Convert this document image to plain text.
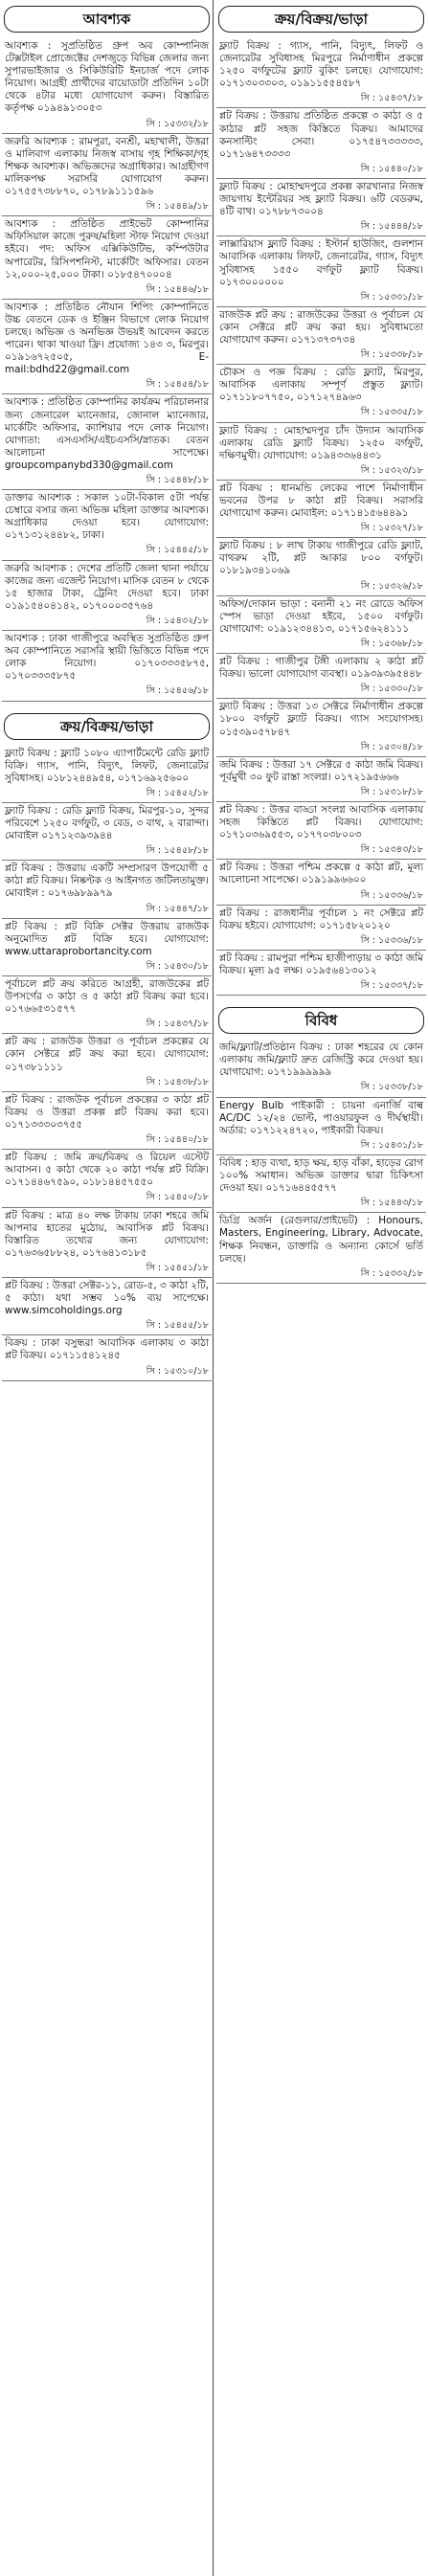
আবশ্যক
আবশ্যক : সুপ্রতিষ্ঠিত গ্রুপ অব কোম্পানিজ টেক্সটাইল প্রোজেক্টের দেশজুড়ে বিভিন্ন জেলার জন্য সুপারভাইজার ও সিকিউরিটি ইনচার্জ পদে লোক নিয়োগ। আগ্রহী প্রার্থীদের বায়োডাটা প্রতিদিন ১০টা থেকে ৪টার মধ্যে যোগাযোগ করুন। বিস্তারিত কর্তৃপক্ষ ০১৯৪৯১৩০৫৩
সি : ১৫৩৩২/১৮
জরুরি আবশ্যক : রামপুরা, বনশ্রী, মহাখালী, উত্তরা ও মালিবাগ এলাকায় নিজস্ব বাসায় গৃহ শিক্ষিকা/গৃহ শিক্ষক আবশ্যক। অভিজ্ঞদের অগ্রাধিকার। আগ্রহীগণ মালিকপক্ষ সরাসরি যোগাযোগ করুন। ০১৭৫৫৭৩৮৮৭০, ০১৭৮৯১১১৫৯৬
সি : ১৫৪৪৯/১৮
আবশ্যক : প্রতিষ্ঠিত প্রাইভেট কোম্পানির অফিসিয়াল কাজে পুরুষ/মহিলা স্টাফ নিয়োগ দেওয়া হইবে। পদ: অফিস এক্সিকিউটিভ, কম্পিউটার অপারেটর, রিসিপশনিস্ট, মার্কেটিং অফিসার। বেতন ১২,০০০-২৫,০০০ টাকা। ০১৮৫৪৭০০০৪
সি : ১৫৪৪৬/১৮
আবশ্যক : প্রতিষ্ঠিত নৌযান শিপিং কোম্পানিতে উচ্চ বেতনে ডেক ও ইঞ্জিন বিভাগে লোক নিয়োগ চলছে। অভিজ্ঞ ও অনভিজ্ঞ উভয়ই আবেদন করতে পারেন। থাকা খাওয়া ফ্রি। প্রযোজ্য ১৪৩ ৩, মিরপুর। ০১৯১৬৭২৫০৫, E-mail:bdhd22@gmail.com
সি : ১৫৪৫৪/১৮
আবশ্যক : প্রতিষ্ঠিত কোম্পানির কার্যক্রম পরিচালনার জন্য জেনারেল ম্যানেজার, জোনাল ম্যানেজার, মার্কেটিং অফিসার, ক্যাশিয়ার পদে লোক নিয়োগ। যোগ্যতা: এসএসসি/এইচএসসি/স্নাতক। বেতন আলোচনা সাপেক্ষে। groupcompanybd330@gmail.com
সি : ১৫৪৪৮/১৮
ডাক্তার আবশ্যক : সকাল ১০টা-বিকাল ৫টা পর্যন্ত চেম্বারে বসার জন্য অভিজ্ঞ মহিলা ডাক্তার আবশ্যক। অগ্রাধিকার দেওয়া হবে। যোগাযোগ: ০১৭১৩১২৪৪৮২, ঢাকা।
সি : ১৫৪৪৫/১৮
জরুরি আবশ্যক : দেশের প্রতিটি জেলা থানা পর্যায়ে কাজের জন্য এজেন্ট নিয়োগ। মাসিক বেতন ৮ থেকে ১৫ হাজার টাকা, ট্রেনিং দেওয়া হবে। ঢাকা ০১৯১৫৪০৪১৪২, ০১৭০০০৩৫৭৬৪
সি : ১৫৪৩২/১৮
আবশ্যক : ঢাকা গাজীপুরে অবস্থিত সুপ্রতিষ্ঠিত গ্রুপ অব কোম্পানিতে সরাসরি স্থায়ী ভিত্তিতে বিভিন্ন পদে লোক নিয়োগ। ০১৭০৩৩৩৫৮৭৫, ০১৭০৩৩৩৫৮৭৫
সি : ১৫৪৫৬/১৮
ক্রয়/বিক্রয়/ভাড়া
ফ্ল্যাট বিক্রয় : ফ্ল্যাট ১০৮০ এ্যাপার্টমেন্টে রেডি ফ্ল্যাট বিক্রি। গ্যাস, পানি, বিদ্যুৎ, লিফট, জেনারেটর সুবিধাসহ। ০১৮১২৪৪৯৫৪, ০১৭১৬৯২৫৬০০
সি : ১৫৪৫২/১৮
ফ্ল্যাট বিক্রয় : রেডি ফ্ল্যাট বিক্রয়, মিরপুর-১০, সুন্দর পরিবেশে ১২৫০ বর্গফুট, ৩ বেড, ৩ বাথ, ২ বারান্দা। মোবাইল ০১৭১২৩৯৩৯৪৪
সি : ১৫৪৫৮/১৮
প্লট বিক্রয় : উত্তরায় একটি সম্প্রসারণ উপযোগী ৫ কাঠা প্লট বিক্রয়। নিষ্কণ্টক ও আইনগত জটিলতামুক্ত। মোবাইল : ০১৭৬৯৮৯৯৭৯
সি : ১৫৪৪৭/১৮
প্লট বিক্রয় : প্লট বিক্রি সেক্টর উত্তরায় রাজউক অনুমোদিত প্লট বিক্রি হবে। যোগাযোগ: www.uttaraprobortancity.com
সি : ১৫৪৩০/১৮
পূর্বাচলে প্লট ক্রয় করিতে আগ্রহী, রাজউকের প্লট উপসর্গের ৩ কাঠা ও ৫ কাঠা প্লট বিক্রয় করা হবে। ০১৭৬৬৫৩১৫৭৭
সি : ১৫৪৩৭/১৮
প্লট ক্রয় : রাজউক উত্তরা ও পূর্বাচল প্রকল্পের যে কোন সেক্টরে প্লট ক্রয় করা হবে। যোগাযোগ: ০১৭৩৮১১১১
সি : ১৫৪৩৮/১৮
প্লট বিক্রয় : রাজউক পূর্বাচল প্রকল্পের ৩ কাঠা প্লট বিক্রয় ও উত্তরা প্রকল্প প্লট বিক্রয় করা হবে। ০১৭১৩৩৩০৩৭৫৫
সি : ১৫৪৪০/১৮
প্লট বিক্রয় : জমি ক্রয়/বিক্রয় ও রিয়েল এস্টেট আবাসন। ৫ কাঠা থেকে ২০ কাঠা পর্যন্ত প্লট বিক্রি। ০১৭১৪৪৬৭৫৯০, ০১৮১৪৪৫৭৫৫০
সি : ১৫৪৫০/১৮
প্লট বিক্রয় : মাত্র ৪০ লক্ষ টাকায় ঢাকা শহরে জমি আপনার হাতের মুঠোয়, আবাসিক প্লট বিক্রয়। বিস্তারিত তথ্যের জন্য যোগাযোগ: ০১৭৬৩৬৫৮৮২৪, ০১৭৬৪১৩১৮৫
সি : ১৫৪৫১/১৮
প্লট বিক্রয় : উত্তরা সেক্টর-১১, রোড-৫, ৩ কাঠা ২টি, ৫ কাঠা। যথা সম্ভব ১০% ব্যয় সাপেক্ষে। www.simcoholdings.org
সি : ১৫৪৫৫/১৮
বিক্রয় : ঢাকা বসুন্ধরা আবাসিক এলাকায় ৩ কাঠা প্লট বিক্রয়। ০১৭১১৫৪১২৪৫
সি : ১৫৩১০/১৮
ক্রয়/বিক্রয়/ভাড়া
ফ্ল্যাট বিক্রয় : গ্যাস, পানি, বিদ্যুৎ, লিফট ও জেনারেটর সুবিধাসহ মিরপুরে নির্মাণাধীন প্রকল্পে ১২৫০ বর্গফুটের ফ্ল্যাট বুকিং চলছে। যোগাযোগ: ০১৭১৩০৩৩০৩, ০১৯১১৫৫৪৫৮৭
সি : ১৫৪৩৭/১৮
প্লট বিক্রয় : উত্তরায় প্রতিষ্ঠিত প্রকল্পে ৩ কাঠা ও ৫ কাঠার প্লট সহজ কিস্তিতে বিক্রয়। আমাদের কনসাল্টিং সেবা। ০১৭৫৪৭৩৩৩৩৩, ০১৭১৬৪৭৩৩৩৩
সি : ১৫৪৪০/১৮
ফ্ল্যাট বিক্রয় : মোহাম্মদপুরে প্রকল্প কারখানার নিজস্ব জায়গায় ইন্টেরিয়র সহ ফ্ল্যাট বিক্রয়। ৬টি বেডরুম, ৪টি বাথ। ০১৭৮৮৭৩০০৪
সি : ১৫৪৪৪/১৮
লাক্সারিয়াস ফ্ল্যাট বিক্রয় : ইস্টার্ন হাউজিং, গুলশান আবাসিক এলাকায় লিফট, জেনারেটর, গ্যাস, বিদ্যুৎ সুবিধাসহ ১৫৫০ বর্গফুট ফ্ল্যাট বিক্রয়। ০১৭৩০০০০০০
সি : ১৫৩৩১/১৮
রাজউক প্লট ক্রয় : রাজউকের উত্তরা ও পূর্বাচল যে কোন সেক্টরে প্লট ক্রয় করা হয়। সুবিধামতো যোগাযোগ করুন। ০১৭১৩৭৩৭৩৪
সি : ১৫৩৩৮/১৮
চৌকস ও পজ্ঞ বিক্রয় : রেডি ফ্ল্যাট, মিরপুর, আবাসিক এলাকায় সম্পূর্ণ প্রস্তুত ফ্ল্যাট। ০১৭১১৮০৭৭৫০, ০১৭১২৭৪৯৬৩
সি : ১৫৩৩৫/১৮
ফ্ল্যাট বিক্রয় : মোহাম্মদপুর চাঁদ উদ্যান আবাসিক এলাকায় রেডি ফ্ল্যাট বিক্রয়। ১২৫০ বর্গফুট, দক্ষিণমুখী। যোগাযোগ: ০১৯৪৩৩৬৪৪৩১
সি : ১৫৩২৩/১৮
প্লট বিক্রয় : ধানমন্ডি লেকের পাশে নির্মাণাধীন ভবনের উপর ৮ কাঠা প্লট বিক্রয়। সরাসরি যোগাযোগ করুন। মোবাইল: ০১৭১৪১৫৬৪৪৯১
সি : ১৫৩২৭/১৮
ফ্ল্যাট বিক্রয় : ৮ লাখ টাকায় গাজীপুরে রেডি ফ্ল্যাট, বাথরুম ২টি, প্লট আকার ৮০০ বর্গফুট। ০১৮১৯৩৪১০৬৯
সি : ১৫৩২৬/১৮
অফিস/দোকান ভাড়া : বনানী ২১ নং রোডে অফিস স্পেস ভাড়া দেওয়া হইবে, ১৫০০ বর্গফুট। যোগাযোগ: ০১৯১২৩৪৪১৩, ০১৭১৫৬২৪১১১
সি : ১৫৩৬৮/১৮
প্লট বিক্রয় : গাজীপুর টঙ্গী এলাকায় ২ কাঠা প্লট বিক্রয়। ভালো যোগাযোগ ব্যবস্থা। ০১৯৩৯৩৯৫৪৪৮
সি : ১৫৩৩০/১৮
ফ্ল্যাট বিক্রয় : উত্তরা ১৩ সেক্টরে নির্মাণাধীন প্রকল্পে ১৮০০ বর্গফুট ফ্ল্যাট বিক্রয়। গ্যাস সংযোগসহ। ০১৫৩৯০৫৭৮৪৭
সি : ১৫৩০৪/১৮
জমি বিক্রয় : উত্তরা ১৭ সেক্টরে ৫ কাঠা জমি বিক্রয়। পূর্বমুখী ৩০ ফুট রাস্তা সংলগ্ন। ০১৭২১৯৫৬৬৬
সি : ১৫৩১৮/১৮
প্লট বিক্রয় : উত্তর বাড্ডা সংলগ্ন আবাসিক এলাকায় সহজ কিস্তিতে প্লট বিক্রয়। যোগাযোগ: ০১৭১০৩৬৯৫৫৩, ০১৭৭০৩৮০০৩
সি : ১৫৩৪৩/১৮
প্লট বিক্রয় : উত্তরা পশ্চিম প্রকল্পে ৫ কাঠা প্লট, মূল্য আলোচনা সাপেক্ষে। ০১৯১৯৯৬৬০০
সি : ১৫৩৩৬/১৮
প্লট বিক্রয় : রাজধানীর পূর্বাচল ১ নং সেক্টরে প্লট বিক্রয় হইবে। যোগাযোগ: ০১৭১৫৮২০১২০
সি : ১৫৩৩৬/১৮
প্লট বিক্রয় : রামপুরা পশ্চিম হাজীপাড়ায় ৩ কাঠা জমি বিক্রয়। মূল্য ৯৫ লক্ষ। ০১৯৫৬৪১৩০১২
সি : ১৫৩৩৭/১৮
বিবিধ
জমি/ফ্ল্যাট/প্রতিষ্ঠান বিক্রয় : ঢাকা শহরের যে কোন এলাকায় জমি/ফ্ল্যাট দ্রুত রেজিস্ট্রি করে দেওয়া হয়। যোগাযোগ: ০১৭১৯৯৯৯৯৯
সি : ১৫৩৩৮/১৮
Energy Bulb পাইকারী : চায়না এনার্জি বাল্ব AC/DC ১২/২৪ ভোল্ট, পাওয়ারফুল ও দীর্ঘস্থায়ী। অর্ডার: ০১৭১২২৪৭২০, পাইকারী বিক্রয়।
সি : ১৫৪৩১/১৮
বিবিধ : হাড় ব্যথা, হাড় ক্ষয়, হাড় বাঁকা, হাড়ের রোগ ১০০% সমাধান। অভিজ্ঞ ডাক্তার দ্বারা চিকিৎসা দেওয়া হয়। ০১৭১৬৪৪৫৫৭৭
সি : ১৫৪৪৩/১৮
ডিগ্রি অর্জন (রেগুলার/প্রাইভেট) : Honours, Masters, Engineering, Library, Advocate, শিক্ষক নিবন্ধন, ডাক্তারি ও অন্যান্য কোর্সে ভর্তি চলছে।
সি : ১৫৩৩২/১৮
